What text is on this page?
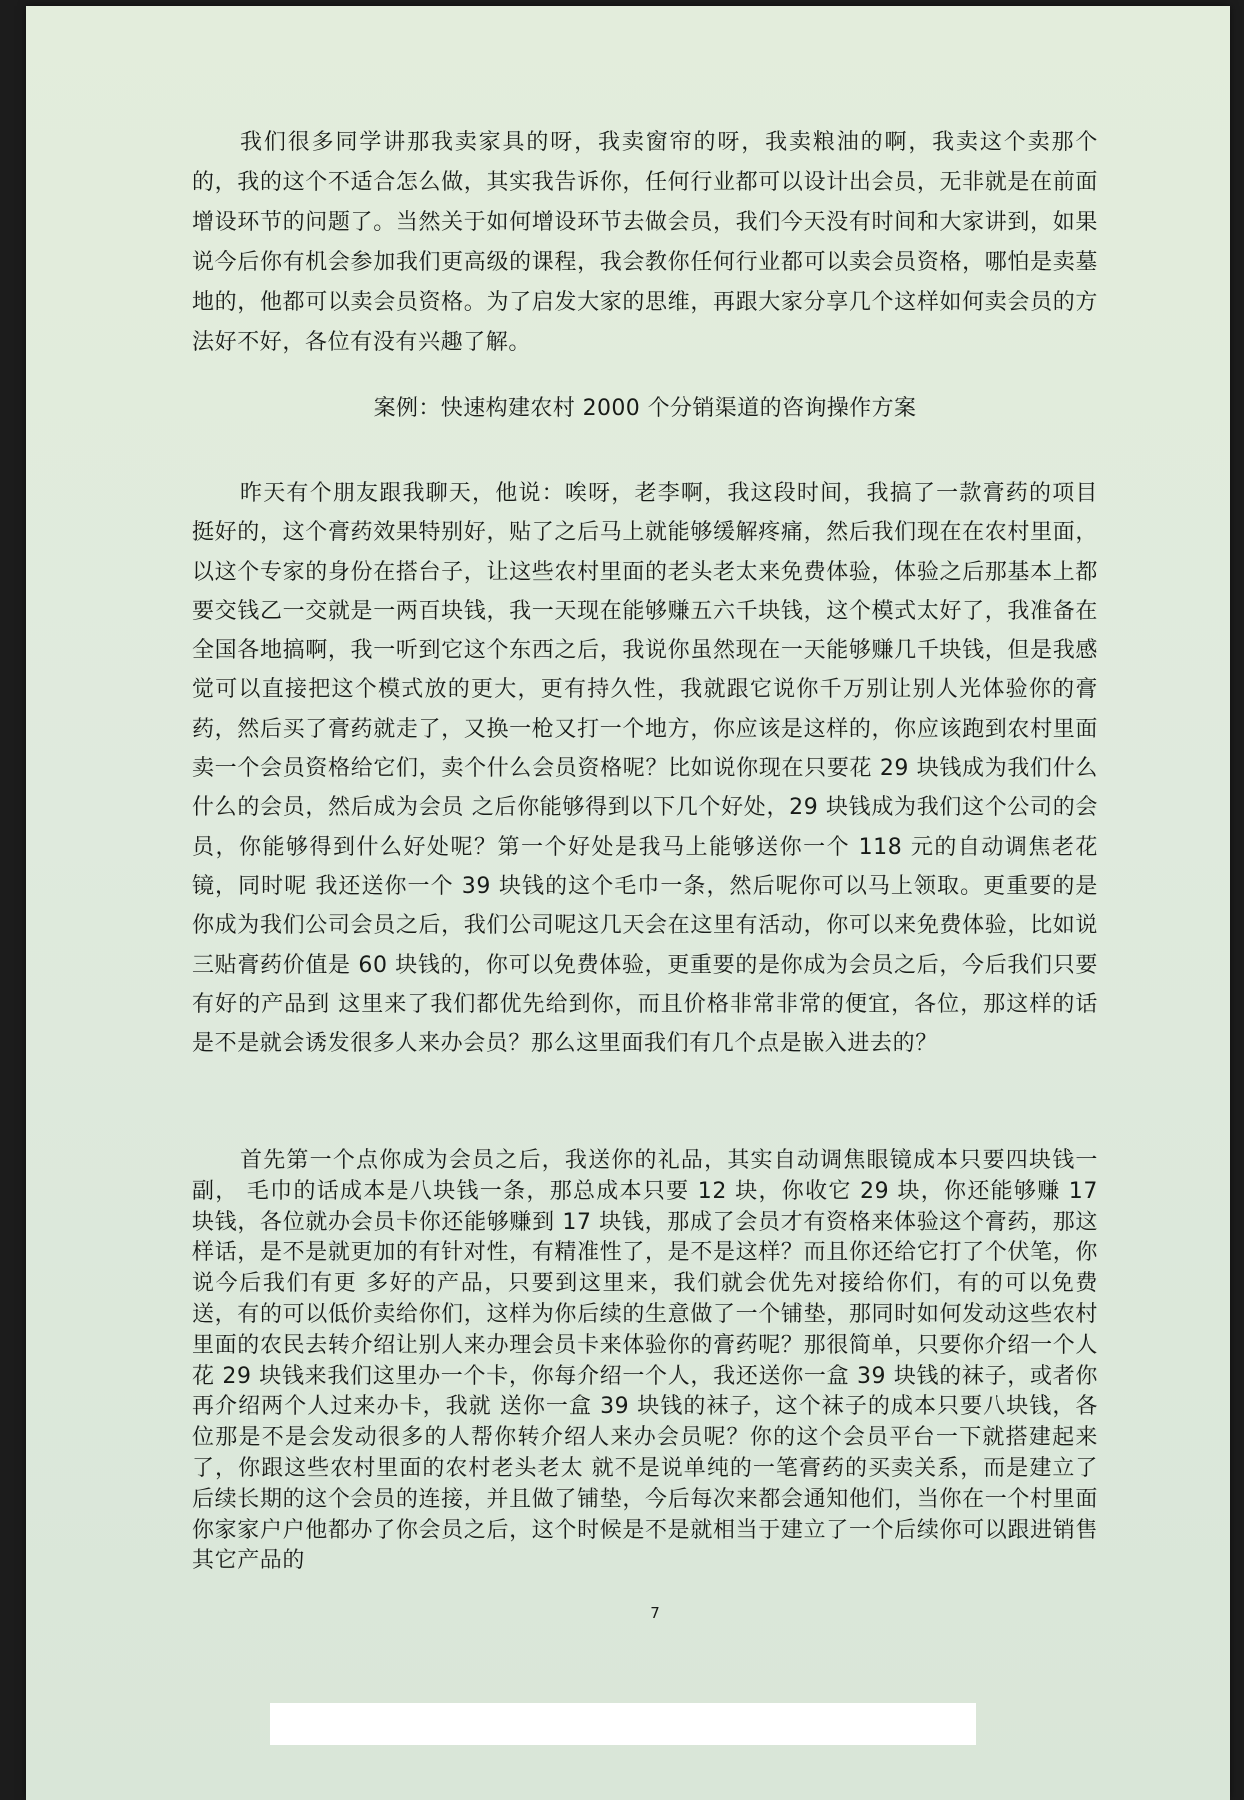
我们很多同学讲那我卖家具的呀，我卖窗帘的呀，我卖粮油的啊，我卖这个卖那个的，我的这个不适合怎么做，其实我告诉你，任何行业都可以设计出会员，无非就是在前面增设环节的问题了。当然关于如何增设环节去做会员，我们今天没有时间和大家讲到，如果说今后你有机会参加我们更高级的课程，我会教你任何行业都可以卖会员资格，哪怕是卖墓地的，他都可以卖会员资格。为了启发大家的思维，再跟大家分享几个这样如何卖会员的方法好不好，各位有没有兴趣了解。

案例：快速构建农村 2000 个分销渠道的咨询操作方案

昨天有个朋友跟我聊天，他说：唉呀，老李啊，我这段时间，我搞了一款膏药的项目挺好的，这个膏药效果特别好，贴了之后马上就能够缓解疼痛，然后我们现在在农村里面，以这个专家的身份在搭台子，让这些农村里面的老头老太来免费体验，体验之后那基本上都要交钱乙一交就是一两百块钱，我一天现在能够赚五六千块钱，这个模式太好了，我准备在全国各地搞啊，我一听到它这个东西之后，我说你虽然现在一天能够赚几千块钱，但是我感觉可以直接把这个模式放的更大，更有持久性，我就跟它说你千万别让别人光体验你的膏药，然后买了膏药就走了，又换一枪又打一个地方，你应该是这样的，你应该跑到农村里面卖一个会员资格给它们，卖个什么会员资格呢？比如说你现在只要花 29 块钱成为我们什么什么的会员，然后成为会员 之后你能够得到以下几个好处，29 块钱成为我们这个公司的会员，你能够得到什么好处呢？第一个好处是我马上能够送你一个 118 元的自动调焦老花镜，同时呢 我还送你一个 39 块钱的这个毛巾一条，然后呢你可以马上领取。更重要的是你成为我们公司会员之后，我们公司呢这几天会在这里有活动，你可以来免费体验，比如说三贴膏药价值是 60 块钱的，你可以免费体验，更重要的是你成为会员之后，今后我们只要有好的产品到 这里来了我们都优先给到你，而且价格非常非常的便宜，各位，那这样的话是不是就会诱发很多人来办会员？那么这里面我们有几个点是嵌入进去的？

首先第一个点你成为会员之后，我送你的礼品，其实自动调焦眼镜成本只要四块钱一副， 毛巾的话成本是八块钱一条，那总成本只要 12 块，你收它 29 块，你还能够赚 17 块钱，各位就办会员卡你还能够赚到 17 块钱，那成了会员才有资格来体验这个膏药，那这样话，是不是就更加的有针对性，有精准性了，是不是这样？而且你还给它打了个伏笔，你说今后我们有更 多好的产品，只要到这里来，我们就会优先对接给你们，有的可以免费送，有的可以低价卖给你们，这样为你后续的生意做了一个铺垫，那同时如何发动这些农村里面的农民去转介绍让别人来办理会员卡来体验你的膏药呢？那很简单，只要你介绍一个人花 29 块钱来我们这里办一个卡，你每介绍一个人，我还送你一盒 39 块钱的袜子，或者你再介绍两个人过来办卡，我就 送你一盒 39 块钱的袜子，这个袜子的成本只要八块钱，各位那是不是会发动很多的人帮你转介绍人来办会员呢？你的这个会员平台一下就搭建起来了，你跟这些农村里面的农村老头老太 就不是说单纯的一笔膏药的买卖关系，而是建立了后续长期的这个会员的连接，并且做了铺垫，今后每次来都会通知他们，当你在一个村里面你家家户户他都办了你会员之后，这个时候是不是就相当于建立了一个后续你可以跟进销售其它产品的

7
